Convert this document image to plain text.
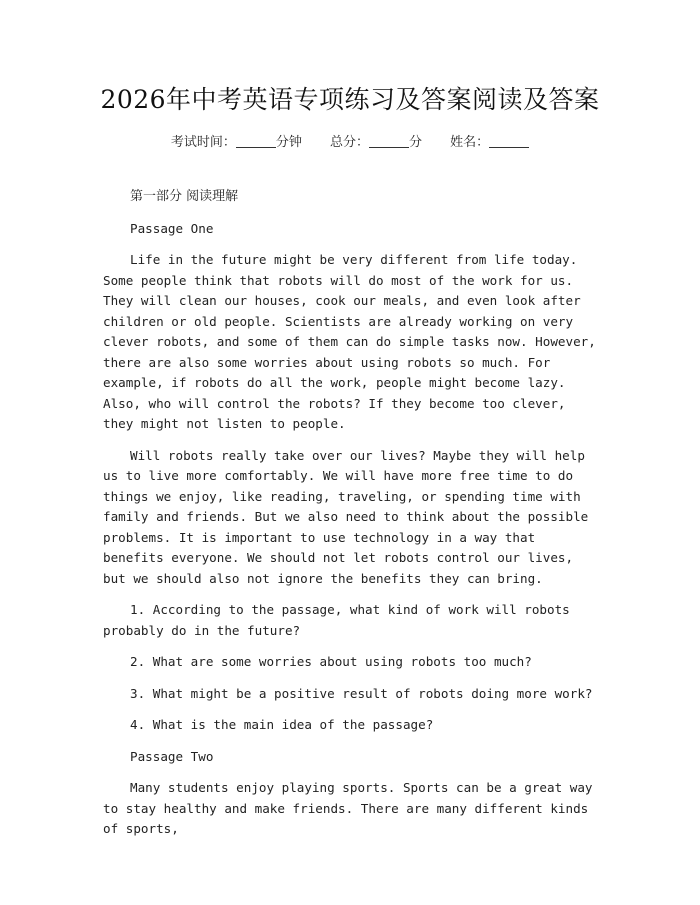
2026年中考英语专项练习及答案阅读及答案
考试时间：	分钟 总分：	分 姓名：

第一部分 阅读理解

Passage One

Life in the future might be very different from life today. Some people think that robots will do most of the work for us. They will clean our houses, cook our meals, and even look after children or old people. Scientists are already working on very clever robots, and some of them can do simple tasks now. However, there are also some worries about using robots so much. For example, if robots do all the work, people might become lazy. Also, who will control the robots? If they become too clever, they might not listen to people.

Will robots really take over our lives? Maybe they will help us to live more comfortably. We will have more free time to do things we enjoy, like reading, traveling, or spending time with family and friends. But we also need to think about the possible problems. It is important to use technology in a way that benefits everyone. We should not let robots control our lives, but we should also not ignore the benefits they can bring.

1. According to the passage, what kind of work will robots probably do in the future?

2. What are some worries about using robots too much?

3. What might be a positive result of robots doing more work?

4. What is the main idea of the passage?

Passage Two

Many students enjoy playing sports. Sports can be a great way to stay healthy and make friends. There are many different kinds of sports,
